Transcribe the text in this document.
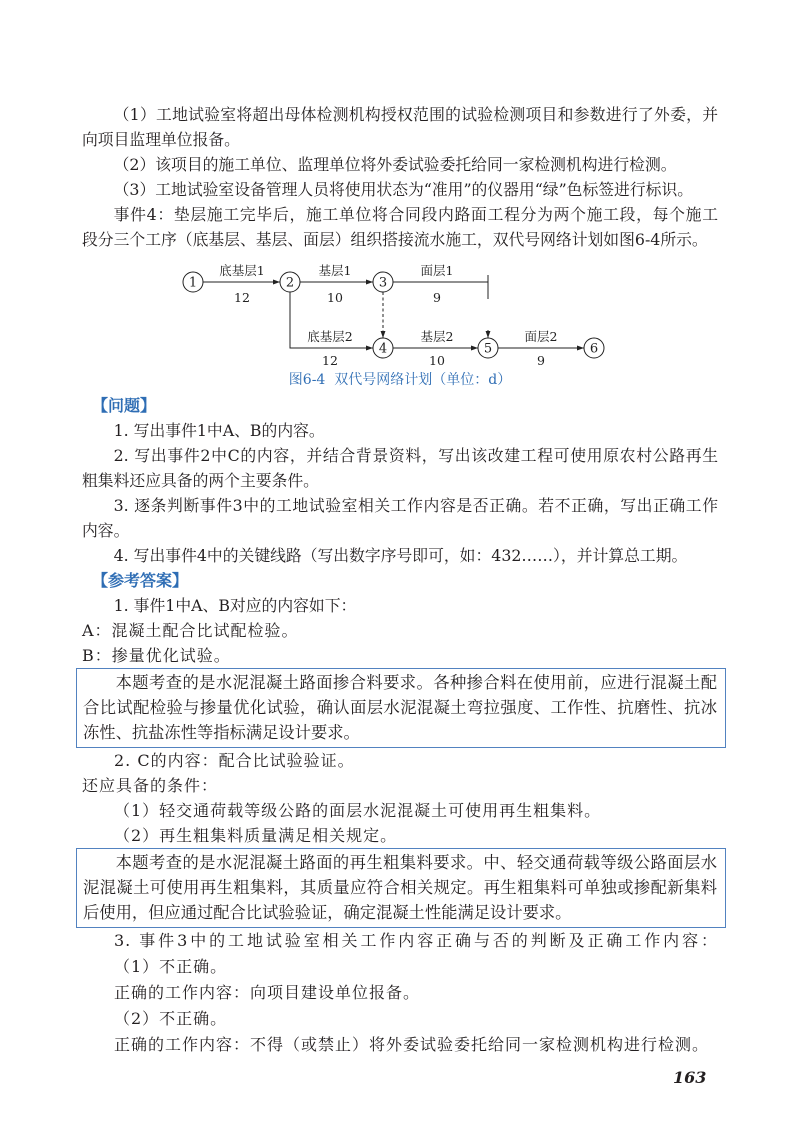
（1）工地试验室将超出母体检测机构授权范围的试验检测项目和参数进行了外委，并
向项目监理单位报备。
（2）该项目的施工单位、监理单位将外委试验委托给同一家检测机构进行检测。
（3）工地试验室设备管理人员将使用状态为“准用”的仪器用“绿”色标签进行标识。
事件4：垫层施工完毕后，施工单位将合同段内路面工程分为两个施工段，每个施工
段分三个工序（底基层、基层、面层）组织搭接流水施工，双代号网络计划如图6-4所示。
1	2	3
4	5	6
底基层1
12
基层1
10
面层1
9
底基层2
12
基层2
10
面层2
9
图6-4  双代号网络计划（单位：d）
【问题】
1. 写出事件1中A、B的内容。
2. 写出事件2中C的内容，并结合背景资料，写出该改建工程可使用原农村公路再生
粗集料还应具备的两个主要条件。
3. 逐条判断事件3中的工地试验室相关工作内容是否正确。若不正确，写出正确工作
内容。
4. 写出事件4中的关键线路（写出数字序号即可，如：432……），并计算总工期。
【参考答案】
1. 事件1中A、B对应的内容如下：
A：混凝土配合比试配检验。
B：掺量优化试验。
本题考查的是水泥混凝土路面掺合料要求。各种掺合料在使用前，应进行混凝土配
合比试配检验与掺量优化试验，确认面层水泥混凝土弯拉强度、工作性、抗磨性、抗冰
冻性、抗盐冻性等指标满足设计要求。
2. C的内容：配合比试验验证。
还应具备的条件：
（1）轻交通荷载等级公路的面层水泥混凝土可使用再生粗集料。
（2）再生粗集料质量满足相关规定。
本题考查的是水泥混凝土路面的再生粗集料要求。中、轻交通荷载等级公路面层水
泥混凝土可使用再生粗集料，其质量应符合相关规定。再生粗集料可单独或掺配新集料
后使用，但应通过配合比试验验证，确定混凝土性能满足设计要求。
3. 事件3中的工地试验室相关工作内容正确与否的判断及正确工作内容：
（1）不正确。
正确的工作内容：向项目建设单位报备。
（2）不正确。
正确的工作内容：不得（或禁止）将外委试验委托给同一家检测机构进行检测。
163
